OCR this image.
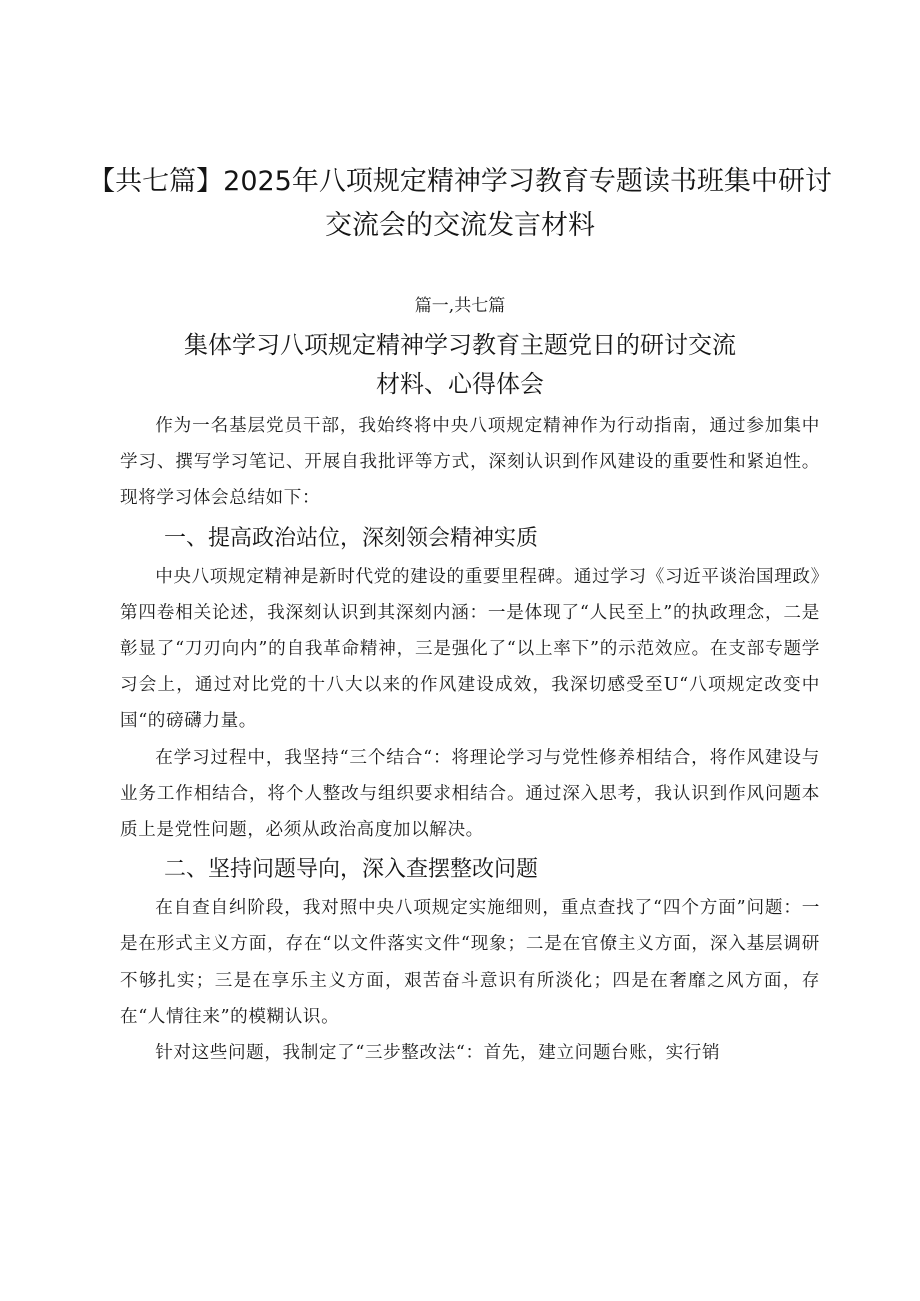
【共七篇】2025年八项规定精神学习教育专题读书班集中研讨
交流会的交流发言材料
篇一,共七篇
集体学习八项规定精神学习教育主题党日的研讨交流
材料、心得体会

作为一名基层党员干部，我始终将中央八项规定精神作为行动指南，通过参加集中学习、撰写学习笔记、开展自我批评等方式，深刻认识到作风建设的重要性和紧迫性。现将学习体会总结如下：

一、提高政治站位，深刻领会精神实质

中央八项规定精神是新时代党的建设的重要里程碑。通过学习《习近平谈治国理政》第四卷相关论述，我深刻认识到其深刻内涵：一是体现了“人民至上”的执政理念，二是彰显了“刀刃向内”的自我革命精神，三是强化了“以上率下”的示范效应。在支部专题学习会上，通过对比党的十八大以来的作风建设成效，我深切感受至U“八项规定改变中国“的磅礴力量。

在学习过程中，我坚持“三个结合“：将理论学习与党性修养相结合，将作风建设与业务工作相结合，将个人整改与组织要求相结合。通过深入思考，我认识到作风问题本质上是党性问题，必须从政治高度加以解决。

二、坚持问题导向，深入查摆整改问题

在自查自纠阶段，我对照中央八项规定实施细则，重点查找了“四个方面”问题：一是在形式主义方面，存在“以文件落实文件“现象；二是在官僚主义方面，深入基层调研不够扎实；三是在享乐主义方面，艰苦奋斗意识有所淡化；四是在奢靡之风方面，存在“人情往来”的模糊认识。

针对这些问题，我制定了“三步整改法“：首先，建立问题台账，实行销
